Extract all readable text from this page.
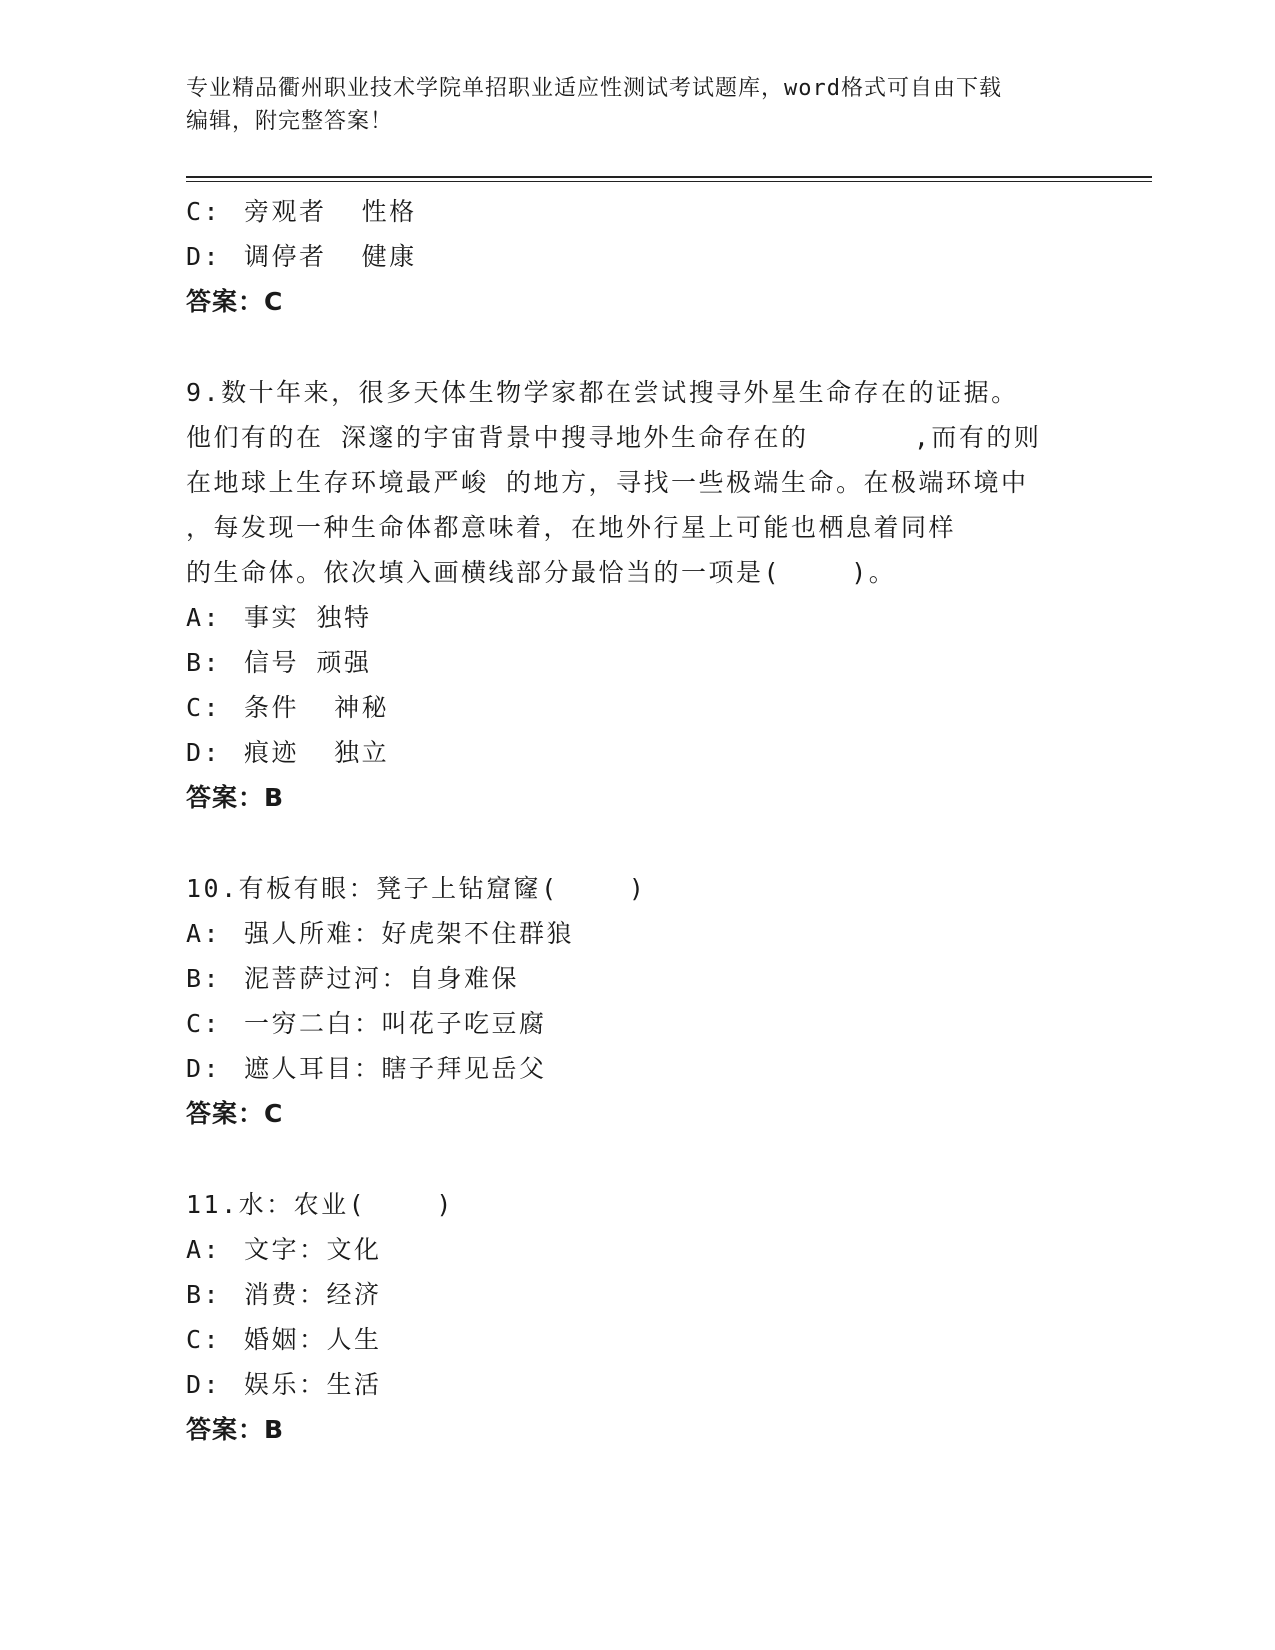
专业精品衢州职业技术学院单招职业适应性测试考试题库，word格式可自由下载
编辑，附完整答案！
C: 旁观者  性格
D: 调停者  健康
答案：C
9.数十年来，很多天体生物学家都在尝试搜寻外星生命存在的证据。
他们有的在 深邃的宇宙背景中搜寻地外生命存在的      ,而有的则
在地球上生存环境最严峻 的地方，寻找一些极端生命。在极端环境中
，每发现一种生命体都意味着，在地外行星上可能也栖息着同样
的生命体。依次填入画横线部分最恰当的一项是(    )。
A: 事实 独特
B: 信号 顽强
C: 条件  神秘
D: 痕迹  独立
答案：B
10.有板有眼：凳子上钻窟窿(    )
A: 强人所难：好虎架不住群狼
B: 泥菩萨过河：自身难保
C: 一穷二白：叫花子吃豆腐
D: 遮人耳目：瞎子拜见岳父
答案：C
11.水：农业(    )
A: 文字：文化
B: 消费：经济
C: 婚姻：人生
D: 娱乐：生活
答案：B
